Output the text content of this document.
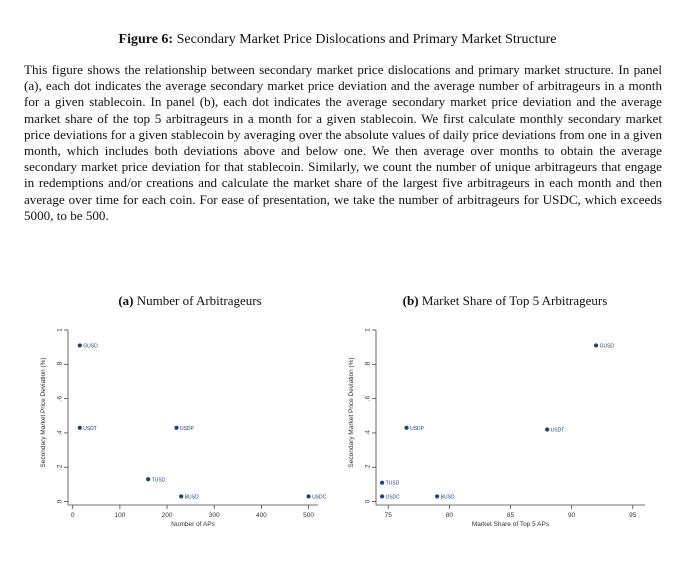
Figure 6: Secondary Market Price Dislocations and Primary Market Structure
This figure shows the relationship between secondary market price dislocations and primary market structure. In panel (a), each dot indicates the average secondary market price deviation and the average number of arbitrageurs in a month for a given stablecoin. In panel (b), each dot indicates the average secondary market price deviation and the average market share of the top 5 arbitrageurs in a month for a given stablecoin. We first calculate monthly secondary market price deviations for a given stablecoin by averaging over the absolute values of daily price deviations from one in a given month, which includes both deviations above and below one. We then average over months to obtain the average secondary market price deviation for that stablecoin. Similarly, we count the number of unique arbitrageurs that engage in redemptions and/or creations and calculate the market share of the largest five arbitrageurs in each month and then average over time for each coin. For ease of presentation, we take the number of arbitrageurs for USDC, which exceeds 5000, to be 500.
(a) Number of Arbitrageurs	(b) Market Share of Top 5 Arbitrageurs
0	100	200	300	400	500
0
.2
.4
.6
.8
1
Number of APs
Secondary Market Price Deviation (%)
GUSD
USDT	USDP
TUSD
BUSD	USDC
75	80	85	90	95
0
.2
.4
.6
.8
1
Market Share of Top 5 APs
Secondary Market Price Deviation (%)
GUSD
USDP	USDT
TUSD
USDC	BUSD
